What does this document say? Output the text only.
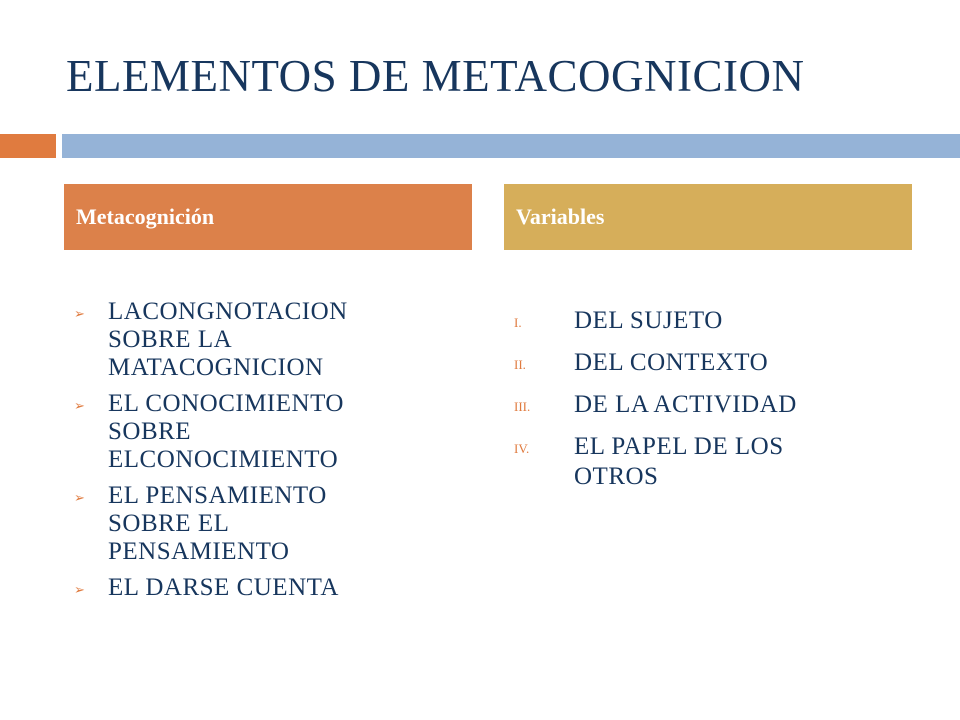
ELEMENTOS DE METACOGNICION
Metacognición	Variables
➢ LACONGNOTACION
SOBRE LA
MATACOGNICION
➢ EL CONOCIMIENTO
SOBRE
ELCONOCIMIENTO
➢ EL PENSAMIENTO
SOBRE EL
PENSAMIENTO
➢ EL DARSE CUENTA
I.	DEL SUJETO
II.	DEL CONTEXTO
III.	DE LA ACTIVIDAD
IV.	EL PAPEL DE LOS
OTROS
